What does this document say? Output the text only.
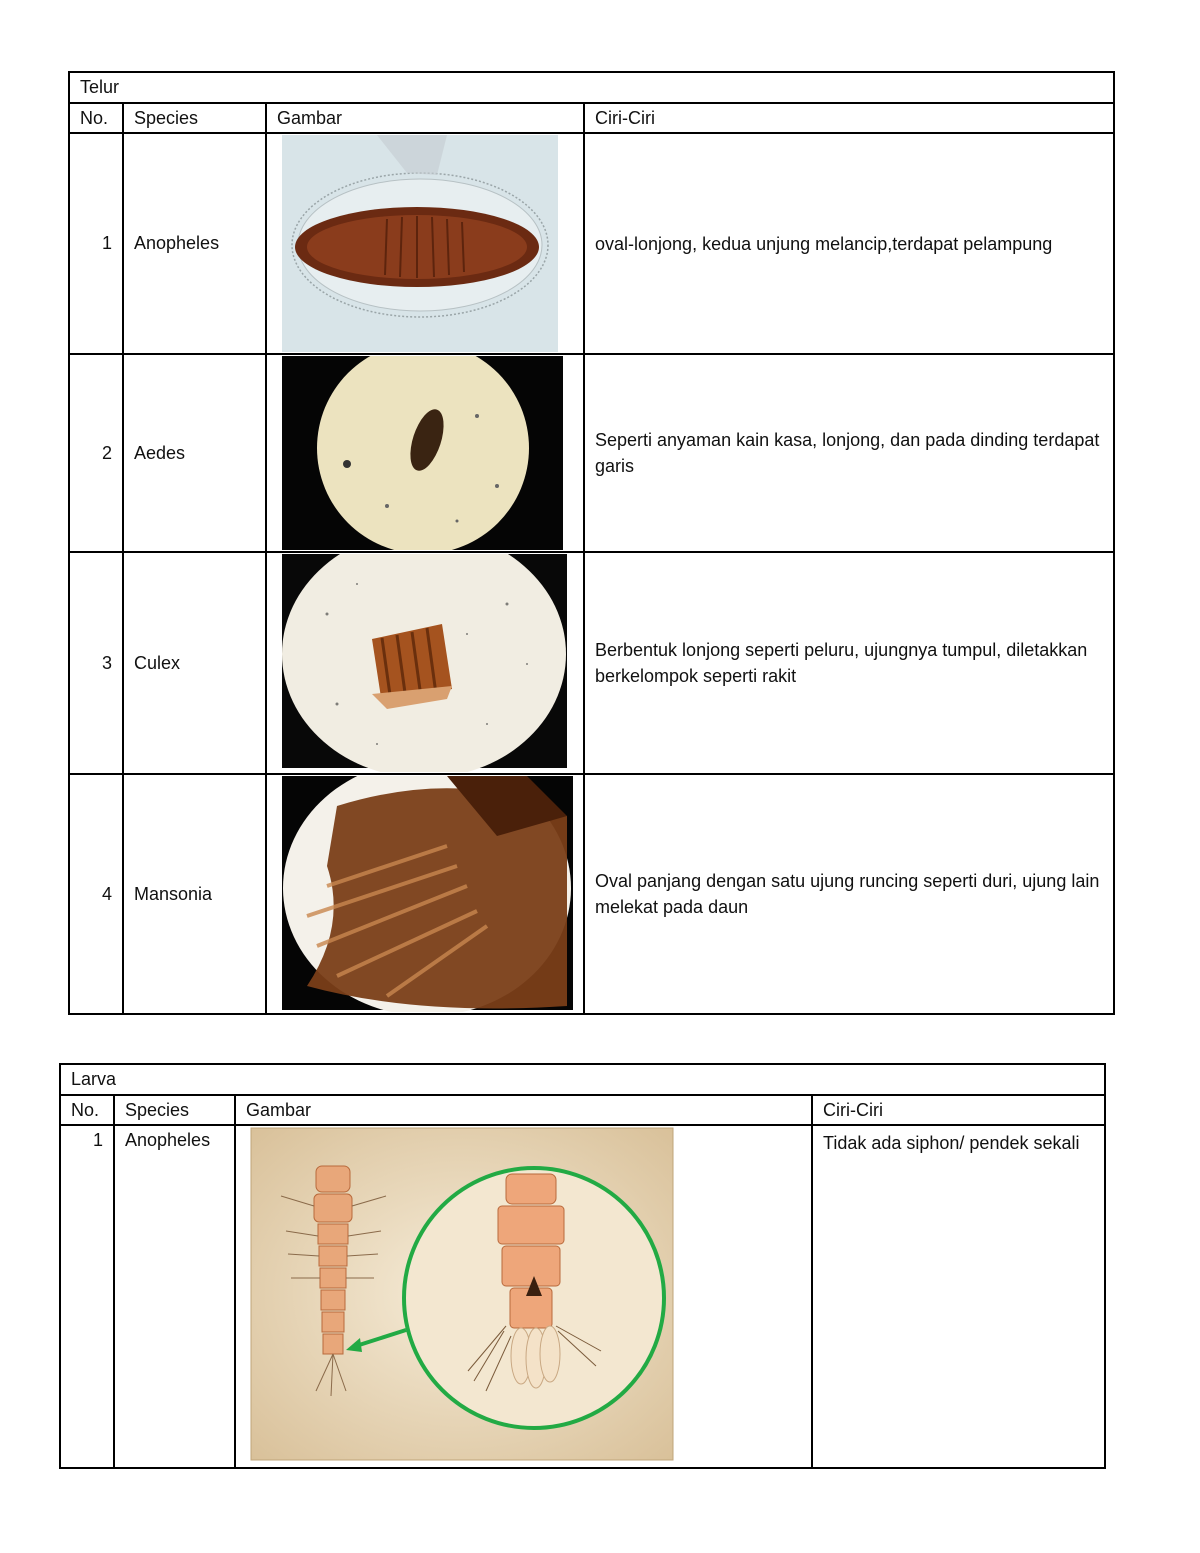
Telur			
No.	Species	Gambar	Ciri-Ciri
1	Anopheles		oval-lonjong, kedua unjung melancip,terdapat pelampung
2	Aedes		Seperti anyaman kain kasa, lonjong, dan pada dinding terdapat garis
3	Culex		Berbentuk lonjong seperti peluru, ujungnya tumpul, diletakkan berkelompok seperti rakit
4	Mansonia		Oval panjang dengan satu ujung runcing seperti duri, ujung lain melekat pada daun
Larva			
No.	Species	Gambar	Ciri-Ciri
1	Anopheles		Tidak ada siphon/ pendek sekali
